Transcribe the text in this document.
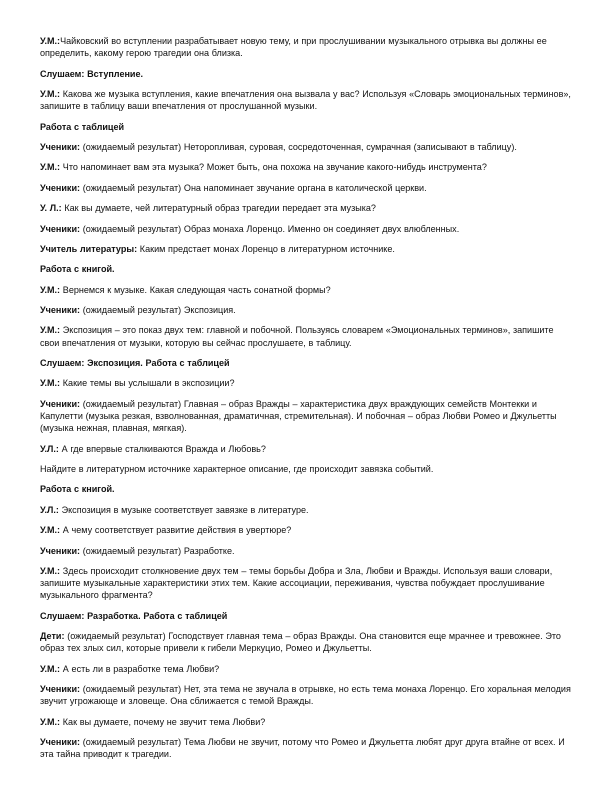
У.М.:Чайковский во вступлении разрабатывает новую тему, и при прослушивании музыкального отрывка вы должны ее определить, какому герою трагедии она близка.

Слушаем: Вступление.

У.М.: Какова же музыка вступления, какие впечатления она вызвала у вас? Используя «Словарь эмоциональных терминов», запишите в таблицу ваши впечатления от прослушанной музыки.

Работа с таблицей

Ученики: (ожидаемый результат) Неторопливая, суровая, сосредоточенная, сумрачная (записывают в таблицу).

У.М.: Что напоминает вам эта музыка? Может быть, она похожа на звучание какого-нибудь инструмента?

Ученики: (ожидаемый результат) Она напоминает звучание органа в католической церкви.

У. Л.: Как вы думаете, чей литературный образ трагедии передает эта музыка?

Ученики: (ожидаемый результат) Образ монаха Лоренцо. Именно он соединяет двух влюбленных.

Учитель литературы: Каким предстает монах Лоренцо в литературном источнике.

Работа с книгой.

У.М.: Вернемся к музыке. Какая следующая часть сонатной формы?

Ученики: (ожидаемый результат) Экспозиция.

У.М.: Экспозиция – это показ двух тем: главной и побочной. Пользуясь словарем «Эмоциональных терминов», запишите свои впечатления от музыки, которую вы сейчас прослушаете, в таблицу.

Слушаем: Экспозиция. Работа с таблицей

У.М.: Какие темы вы услышали в экспозиции?

Ученики: (ожидаемый результат) Главная – образ Вражды – характеристика двух враждующих семейств Монтекки и Капулетти (музыка резкая, взволнованная, драматичная, стремительная). И побочная – образ Любви Ромео и Джульетты (музыка нежная, плавная, мягкая).

У.Л.: А где впервые сталкиваются Вражда и Любовь?

Найдите в литературном источнике характерное описание, где происходит завязка событий.

Работа с книгой.

У.Л.: Экспозиция в музыке соответствует завязке в литературе.

У.М.: А чему соответствует развитие действия в увертюре?

Ученики: (ожидаемый результат) Разработке.

У.М.: Здесь происходит столкновение двух тем – темы борьбы Добра и Зла, Любви и Вражды. Используя ваши словари, запишите музыкальные характеристики этих тем. Какие ассоциации, переживания, чувства побуждает прослушивание музыкального фрагмента?

Слушаем: Разработка. Работа с таблицей

Дети: (ожидаемый результат) Господствует главная тема – образ Вражды. Она становится еще мрачнее и тревожнее. Это образ тех злых сил, которые привели к гибели Меркуцио, Ромео и Джульетты.

У.М.: А есть ли в разработке тема Любви?

Ученики: (ожидаемый результат) Нет, эта тема не звучала в отрывке, но есть тема монаха Лоренцо. Его хоральная мелодия звучит угрожающе и зловеще. Она сближается с темой Вражды.

У.М.: Как вы думаете, почему не звучит тема Любви?

Ученики: (ожидаемый результат) Тема Любви не звучит, потому что Ромео и Джульетта любят друг друга втайне от всех. И эта тайна приводит к трагедии.
